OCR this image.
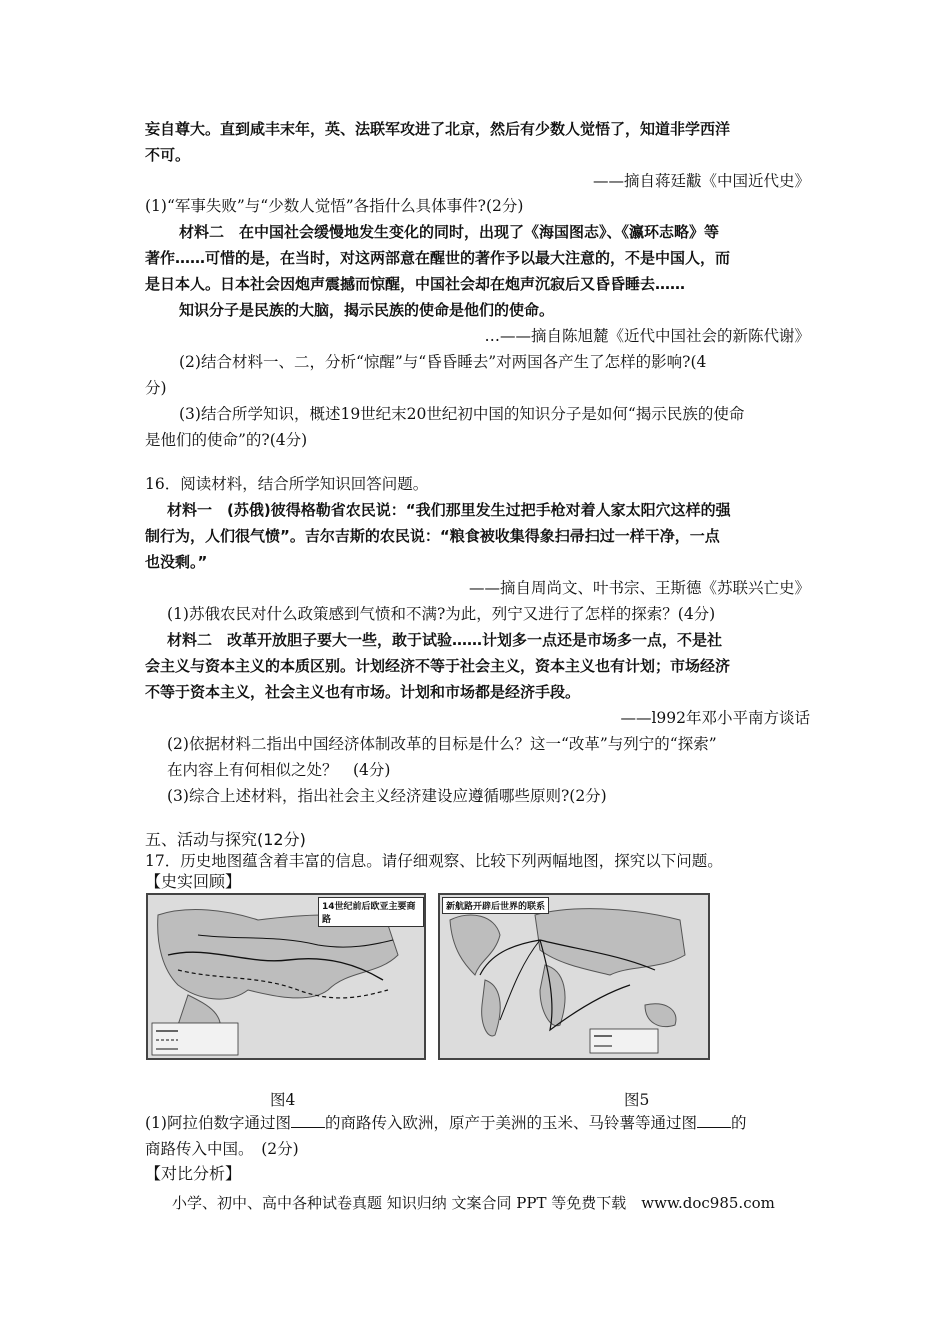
妄自尊大。直到咸丰末年，英、法联军攻进了北京，然后有少数人觉悟了，知道非学西洋
不可。
——摘自蒋廷黻《中国近代史》
(1)“军事失败”与“少数人觉悟”各指什么具体事件?(2分)
材料二　在中国社会缓慢地发生变化的同时，出现了《海国图志》、《瀛环志略》等
著作……可惜的是，在当时，对这两部意在醒世的著作予以最大注意的，不是中国人，而
是日本人。日本社会因炮声震撼而惊醒，中国社会却在炮声沉寂后又昏昏睡去……
知识分子是民族的大脑，揭示民族的使命是他们的使命。
…——摘自陈旭麓《近代中国社会的新陈代谢》
(2)结合材料一、二，分析“惊醒”与“昏昏睡去”对两国各产生了怎样的影响?(4
分)
(3)结合所学知识，概述19世纪末20世纪初中国的知识分子是如何“揭示民族的使命
是他们的使命”的?(4分)
16．阅读材料，结合所学知识回答问题。
材料一　(苏俄)彼得格勒省农民说：“我们那里发生过把手枪对着人家太阳穴这样的强
制行为，人们很气愤”。吉尔吉斯的农民说：“粮食被收集得象扫帚扫过一样干净，一点
也没剩。”
——摘自周尚文、叶书宗、王斯德《苏联兴亡史》
(1)苏俄农民对什么政策感到气愤和不满?为此，列宁又进行了怎样的探索？(4分)
材料二　改革开放胆子要大一些，敢于试验……计划多一点还是市场多一点，不是社
会主义与资本主义的本质区别。计划经济不等于社会主义，资本主义也有计划；市场经济
不等于资本主义，社会主义也有市场。计划和市场都是经济手段。
——l992年邓小平南方谈话
(2)依据材料二指出中国经济体制改革的目标是什么？这一“改革”与列宁的“探索”
在内容上有何相似之处？　(4分)
(3)综合上述材料，指出社会主义经济建设应遵循哪些原则?(2分)
五、活动与探究(12分)
17．历史地图蕴含着丰富的信息。请仔细观察、比较下列两幅地图，探究以下问题。
【史实回顾】
14世纪前后欧亚主要商路
新航路开辟后世界的联系
图4	图5
(1)阿拉伯数字通过图 的商路传入欧洲，原产于美洲的玉米、马铃薯等通过图 的
商路传入中国。　(2分)
【对比分析】
小学、初中、高中各种试卷真题 知识归纳 文案合同 PPT 等免费下载　www.doc985.com
